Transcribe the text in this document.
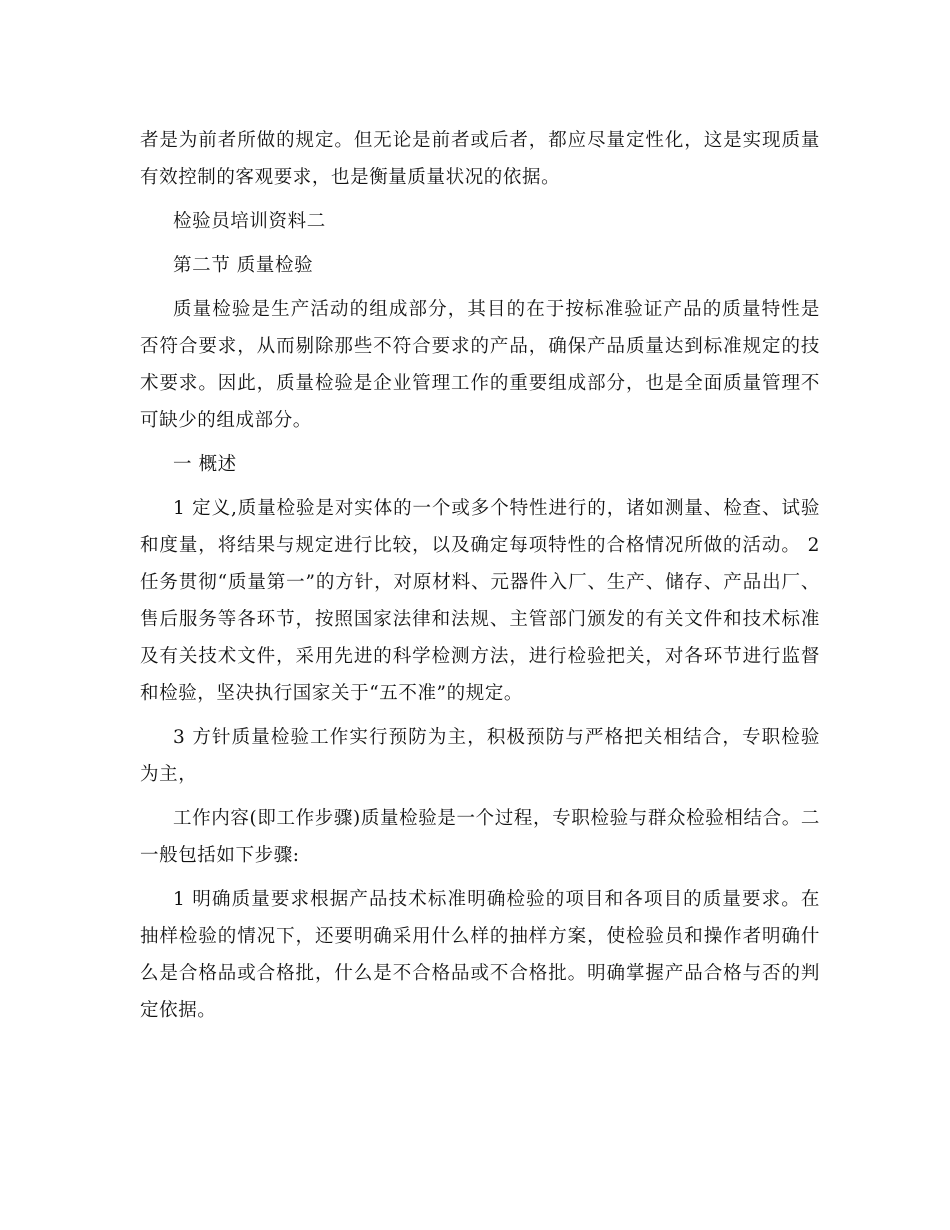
者是为前者所做的规定。但无论是前者或后者，都应尽量定性化，这是实现质量有效控制的客观要求，也是衡量质量状况的依据。

检验员培训资料二

第二节 质量检验

质量检验是生产活动的组成部分，其目的在于按标准验证产品的质量特性是否符合要求，从而剔除那些不符合要求的产品，确保产品质量达到标准规定的技术要求。因此，质量检验是企业管理工作的重要组成部分，也是全面质量管理不可缺少的组成部分。

一 概述

1 定义,质量检验是对实体的一个或多个特性进行的，诸如测量、检查、试验和度量，将结果与规定进行比较，以及确定每项特性的合格情况所做的活动。 2 任务贯彻“质量第一”的方针，对原材料、元器件入厂、生产、储存、产品出厂、售后服务等各环节，按照国家法律和法规、主管部门颁发的有关文件和技术标准及有关技术文件，采用先进的科学检测方法，进行检验把关，对各环节进行监督和检验，坚决执行国家关于“五不准”的规定。

3 方针质量检验工作实行预防为主，积极预防与严格把关相结合，专职检验为主，

工作内容(即工作步骤)质量检验是一个过程，专职检验与群众检验相结合。二一般包括如下步骤:

1 明确质量要求根据产品技术标准明确检验的项目和各项目的质量要求。在抽样检验的情况下，还要明确采用什么样的抽样方案，使检验员和操作者明确什么是合格品或合格批，什么是不合格品或不合格批。明确掌握产品合格与否的判定依据。
